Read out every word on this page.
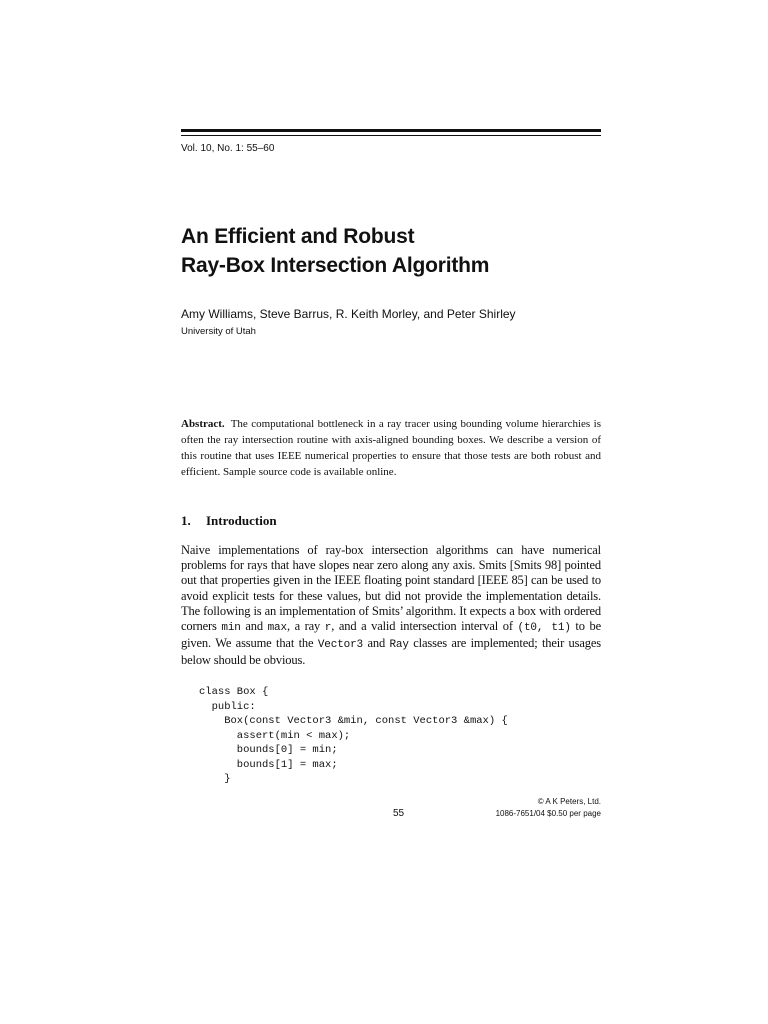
Vol. 10, No. 1: 55–60
An Efficient and Robust
Ray-Box Intersection Algorithm
Amy Williams, Steve Barrus, R. Keith Morley, and Peter Shirley
University of Utah
Abstract. The computational bottleneck in a ray tracer using bounding volume hierarchies is often the ray intersection routine with axis-aligned bounding boxes. We describe a version of this routine that uses IEEE numerical properties to ensure that those tests are both robust and efficient. Sample source code is available online.
1. Introduction
Naive implementations of ray-box intersection algorithms can have numerical problems for rays that have slopes near zero along any axis. Smits [Smits 98] pointed out that properties given in the IEEE floating point standard [IEEE 85] can be used to avoid explicit tests for these values, but did not provide the implementation details. The following is an implementation of Smits’ algorithm. It expects a box with ordered corners min and max, a ray r, and a valid intersection interval of (t0, t1) to be given. We assume that the Vector3 and Ray classes are implemented; their usages below should be obvious.
class Box {
public:
Box(const Vector3 &min, const Vector3 &max) {
assert(min < max);
bounds[0] = min;
bounds[1] = max;
}
© A K Peters, Ltd.
55	1086-7651/04 $0.50 per page
